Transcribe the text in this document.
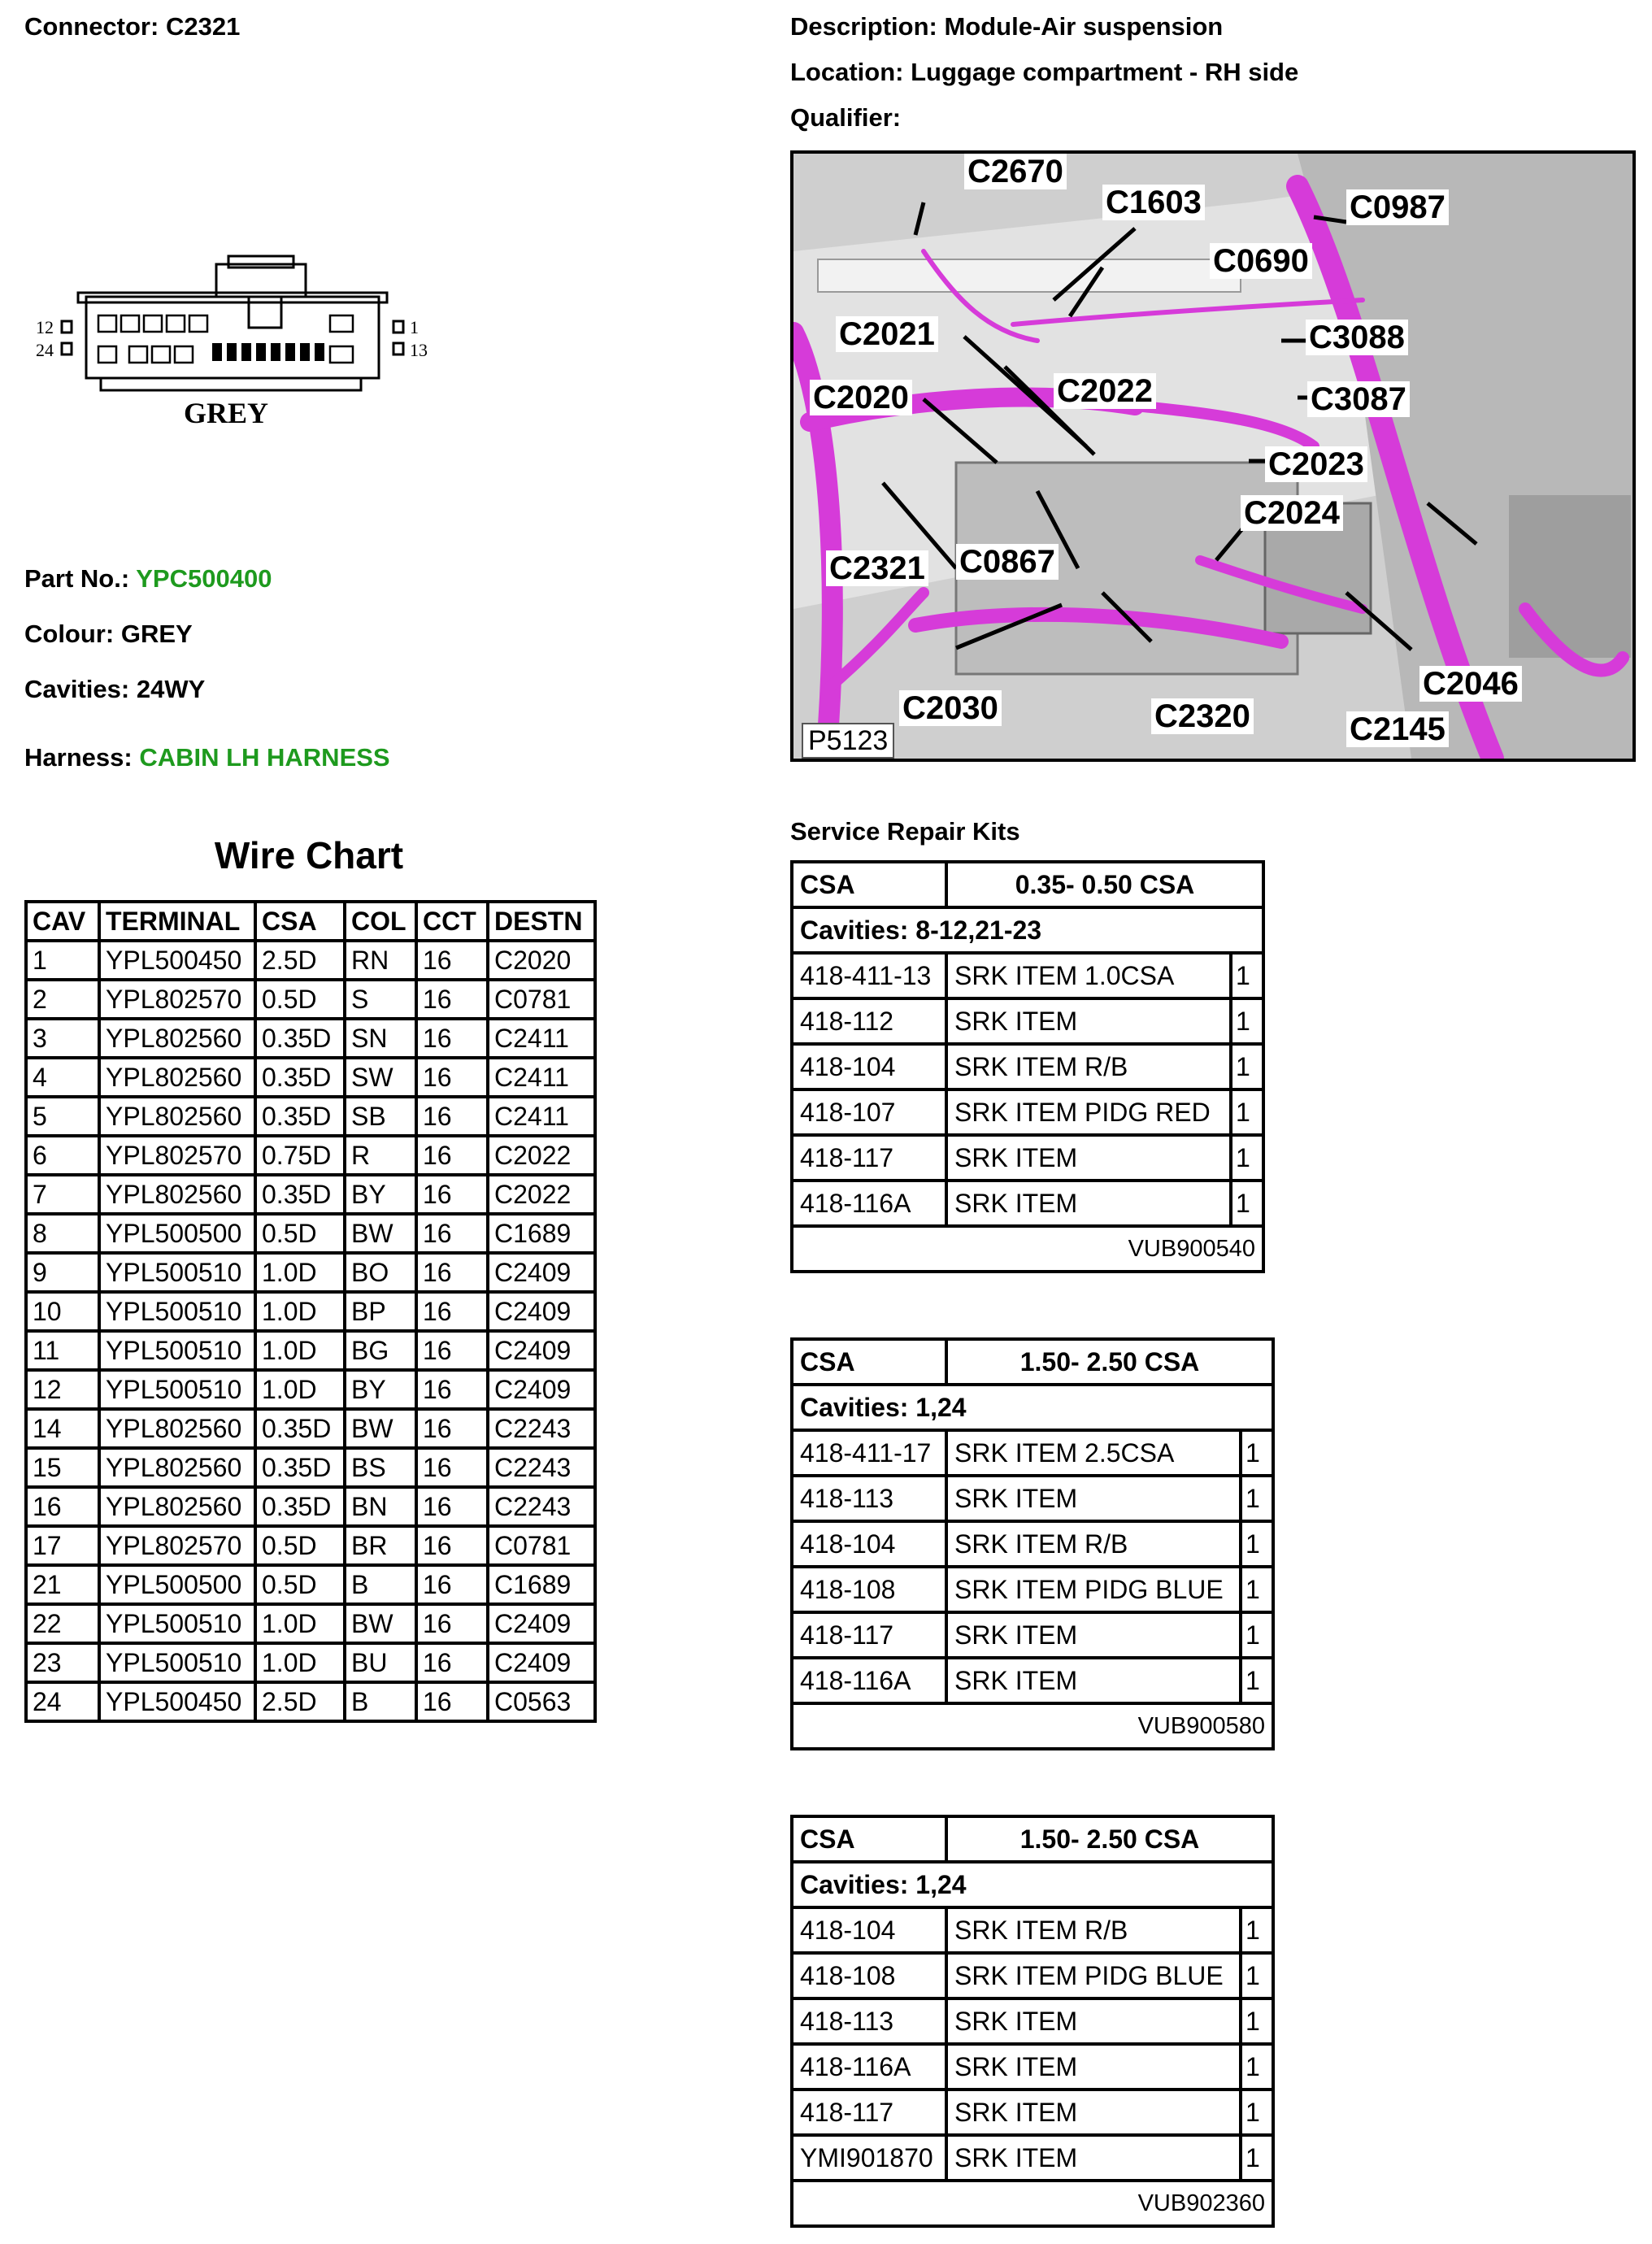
Connector: C2321	Description: Module-Air suspension
Location: Luggage compartment - RH side
Qualifier:
12
24
1
13
GREY
Part No.: YPC500400
Colour: GREY
Cavities: 24WY
Harness: CABIN LH HARNESS
C2670
C1603	C0987
C0690
C2021	C3088
C2022
C2020	C3087
C2023
C2024
C2321 C0867
C2046
C2030	C2320	C2145
P5123
Wire Chart
CAV	TERMINAL	CSA	COL	CCT	DESTN
1	YPL500450	2.5D	RN	16	C2020
2	YPL802570	0.5D	S	16	C0781
3	YPL802560	0.35D	SN	16	C2411
4	YPL802560	0.35D	SW	16	C2411
5	YPL802560	0.35D	SB	16	C2411
6	YPL802570	0.75D	R	16	C2022
7	YPL802560	0.35D	BY	16	C2022
8	YPL500500	0.5D	BW	16	C1689
9	YPL500510	1.0D	BO	16	C2409
10	YPL500510	1.0D	BP	16	C2409
11	YPL500510	1.0D	BG	16	C2409
12	YPL500510	1.0D	BY	16	C2409
14	YPL802560	0.35D	BW	16	C2243
15	YPL802560	0.35D	BS	16	C2243
16	YPL802560	0.35D	BN	16	C2243
17	YPL802570	0.5D	BR	16	C0781
21	YPL500500	0.5D	B	16	C1689
22	YPL500510	1.0D	BW	16	C2409
23	YPL500510	1.0D	BU	16	C2409
24	YPL500450	2.5D	B	16	C0563
Service Repair Kits
CSA	0.35- 0.50 CSA	
Cavities: 8-12,21-23		
418-411-13	SRK ITEM 1.0CSA	1
418-112	SRK ITEM	1
418-104	SRK ITEM R/B	1
418-107	SRK ITEM PIDG RED	1
418-117	SRK ITEM	1
418-116A	SRK ITEM	1
VUB900540		
CSA	1.50- 2.50 CSA	
Cavities: 1,24		
418-411-17	SRK ITEM 2.5CSA	1
418-113	SRK ITEM	1
418-104	SRK ITEM R/B	1
418-108	SRK ITEM PIDG BLUE	1
418-117	SRK ITEM	1
418-116A	SRK ITEM	1
VUB900580		
CSA	1.50- 2.50 CSA	
Cavities: 1,24		
418-104	SRK ITEM R/B	1
418-108	SRK ITEM PIDG BLUE	1
418-113	SRK ITEM	1
418-116A	SRK ITEM	1
418-117	SRK ITEM	1
YMI901870	SRK ITEM	1
VUB902360		
